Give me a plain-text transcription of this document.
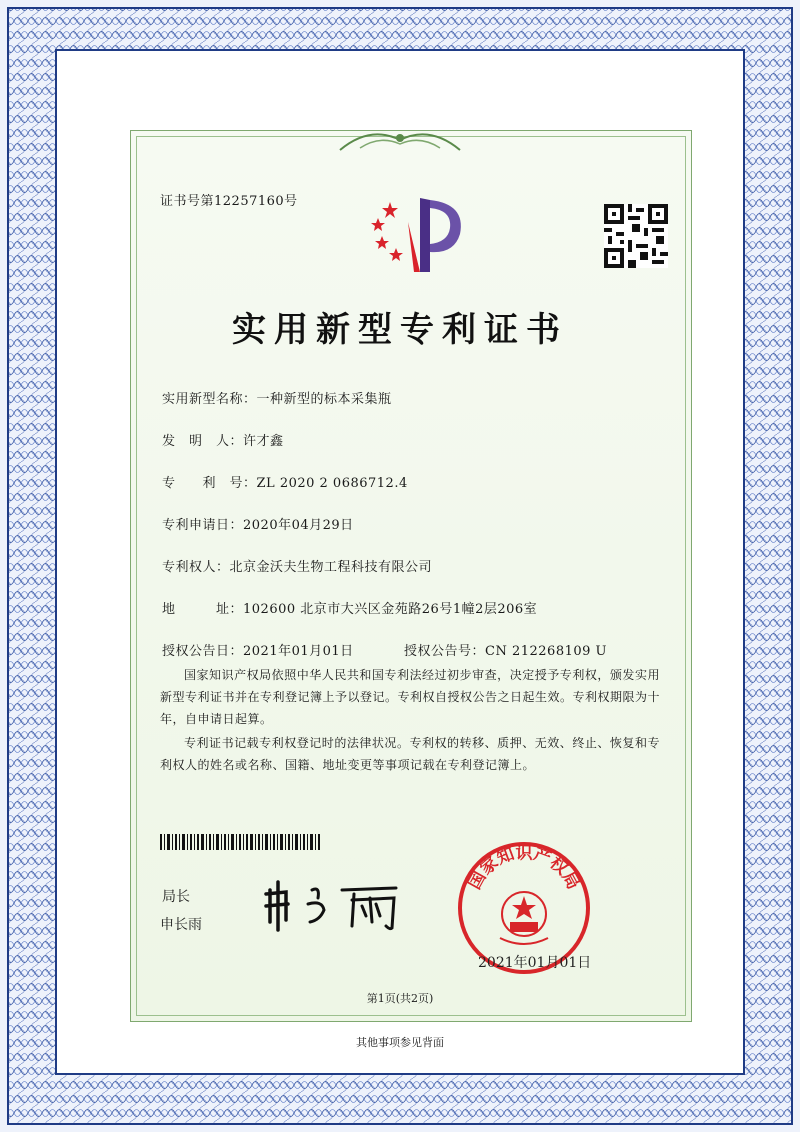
证书号第12257160号
实用新型专利证书
实用新型名称：一种新型的标本采集瓶
发　明　人：许才鑫
专　　利　号：ZL 2020 2 0686712.4
专利申请日：2020年04月29日
专利权人：北京金沃夫生物工程科技有限公司
地　　　址：102600 北京市大兴区金苑路26号1幢2层206室
授权公告日：2021年01月01日	授权公告号：CN 212268109 U
国家知识产权局依照中华人民共和国专利法经过初步审查，决定授予专利权，颁发实用新型专利证书并在专利登记簿上予以登记。专利权自授权公告之日起生效。专利权期限为十年，自申请日起算。
专利证书记载专利权登记时的法律状况。专利权的转移、质押、无效、终止、恢复和专利权人的姓名或名称、国籍、地址变更等事项记载在专利登记簿上。
局长
申长雨
国家知识产权局
2021年01月01日
第1页(共2页)
其他事项参见背面
